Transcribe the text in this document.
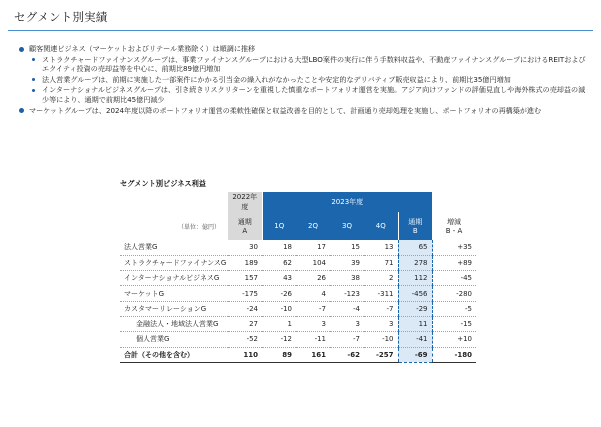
セグメント別実績
顧客関連ビジネス（マーケットおよびリテール業務除く）は順調に推移
ストラクチャードファイナンスグループは、事業ファイナンスグループにおける大型LBO案件の実行に伴う手数料収益や、不動産ファイナンスグループにおけるREITおよびエクイティ投資の売却益等を中心に、前期比89億円増加
法人営業グループは、前期に実施した一部案件にかかる引当金の繰入れがなかったことや安定的なデリバティブ販売収益により、前期比35億円増加
インターナショナルビジネスグループは、引き続きリスクリターンを重視した慎重なポートフォリオ運営を実施。アジア向けファンドの評価見直しや海外株式の売却益の減少等により、通期で前期比45億円減少
マーケットグループは、2024年度以降のポートフォリオ運営の柔軟性確保と収益改善を目的として、計画通り売却処理を実施し、ポートフォリオの再構築が進む
セグメント別ビジネス利益
	2022年度	2023年度					
（単位：億円）	通期
A	1Q	2Q	3Q	4Q	通期
B	増減
B - A
法人営業G	30	18	17	15	13	65	+35
ストラクチャードファイナンスG	189	62	104	39	71	278	+89
インターナショナルビジネスG	157	43	26	38	2	112	-45
マーケットG	-175	-26	4	-123	-311	-456	-280
カスタマーリレーションG	-24	-10	-7	-4	-7	-29	-5
金融法人・地域法人営業G	27	1	3	3	3	11	-15
個人営業G	-52	-12	-11	-7	-10	-41	+10
合計（その他を含む）	110	89	161	-62	-257	-69	-180
